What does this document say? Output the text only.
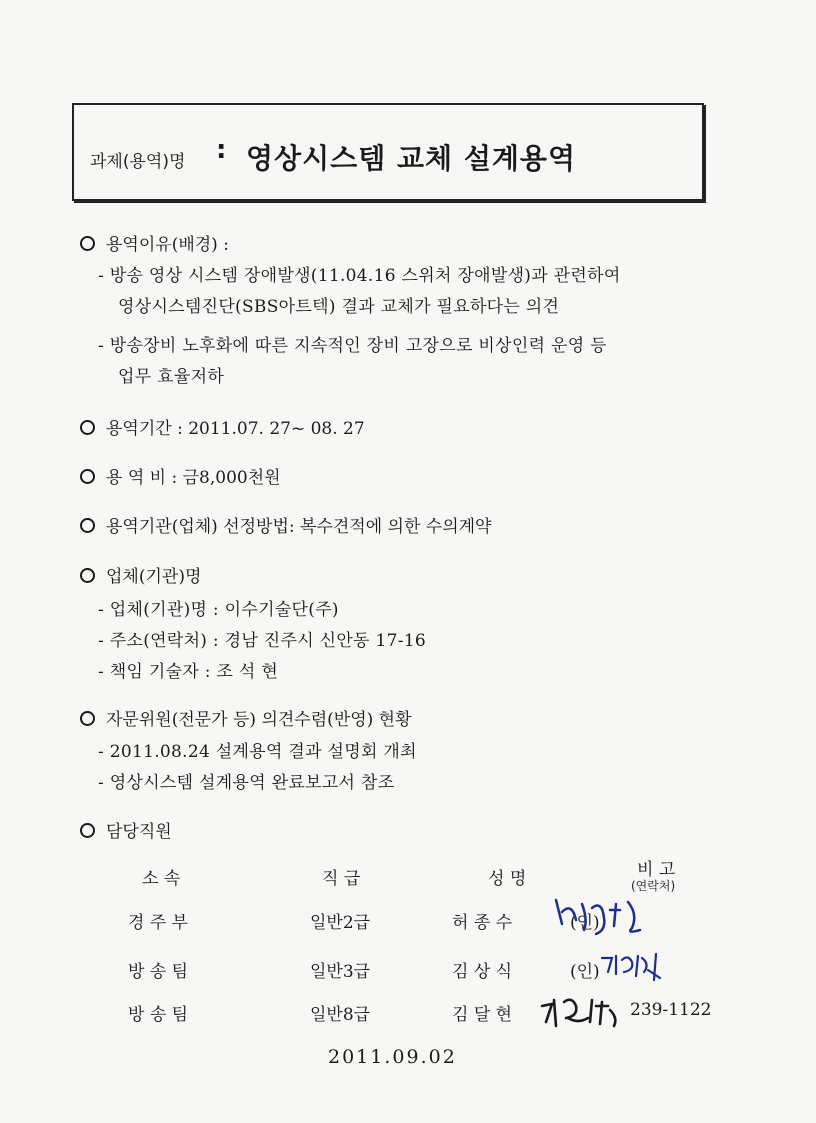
과제(용역)명 : 영상시스템 교체 설계용역
용역이유(배경) :
- 방송 영상 시스템 장애발생(11.04.16 스위처 장애발생)과 관련하여
영상시스템진단(SBS아트텍) 결과 교체가 필요하다는 의견
- 방송장비 노후화에 따른 지속적인 장비 고장으로 비상인력 운영 등
업무 효율저하
용역기간 : 2011.07. 27~ 08. 27
용 역 비 : 금8,000천원
용역기관(업체) 선정방법: 복수견적에 의한 수의계약
업체(기관)명
- 업체(기관)명 : 이수기술단(주)
- 주소(연락처) : 경남 진주시 신안동 17-16
- 책임 기술자 : 조 석 현
자문위원(전문가 등) 의견수렴(반영) 현황
- 2011.08.24 설계용역 결과 설명회 개최
- 영상시스템 설계용역 완료보고서 참조
담당직원
소 속	직 급	성 명	비 고
(연락처)
경 주 부	일반2급	허 종 수	(인)
방 송 팀	일반3급	김 상 식	(인)
방 송 팀	일반8급	김 달 현	239-1122
2011.09.02
